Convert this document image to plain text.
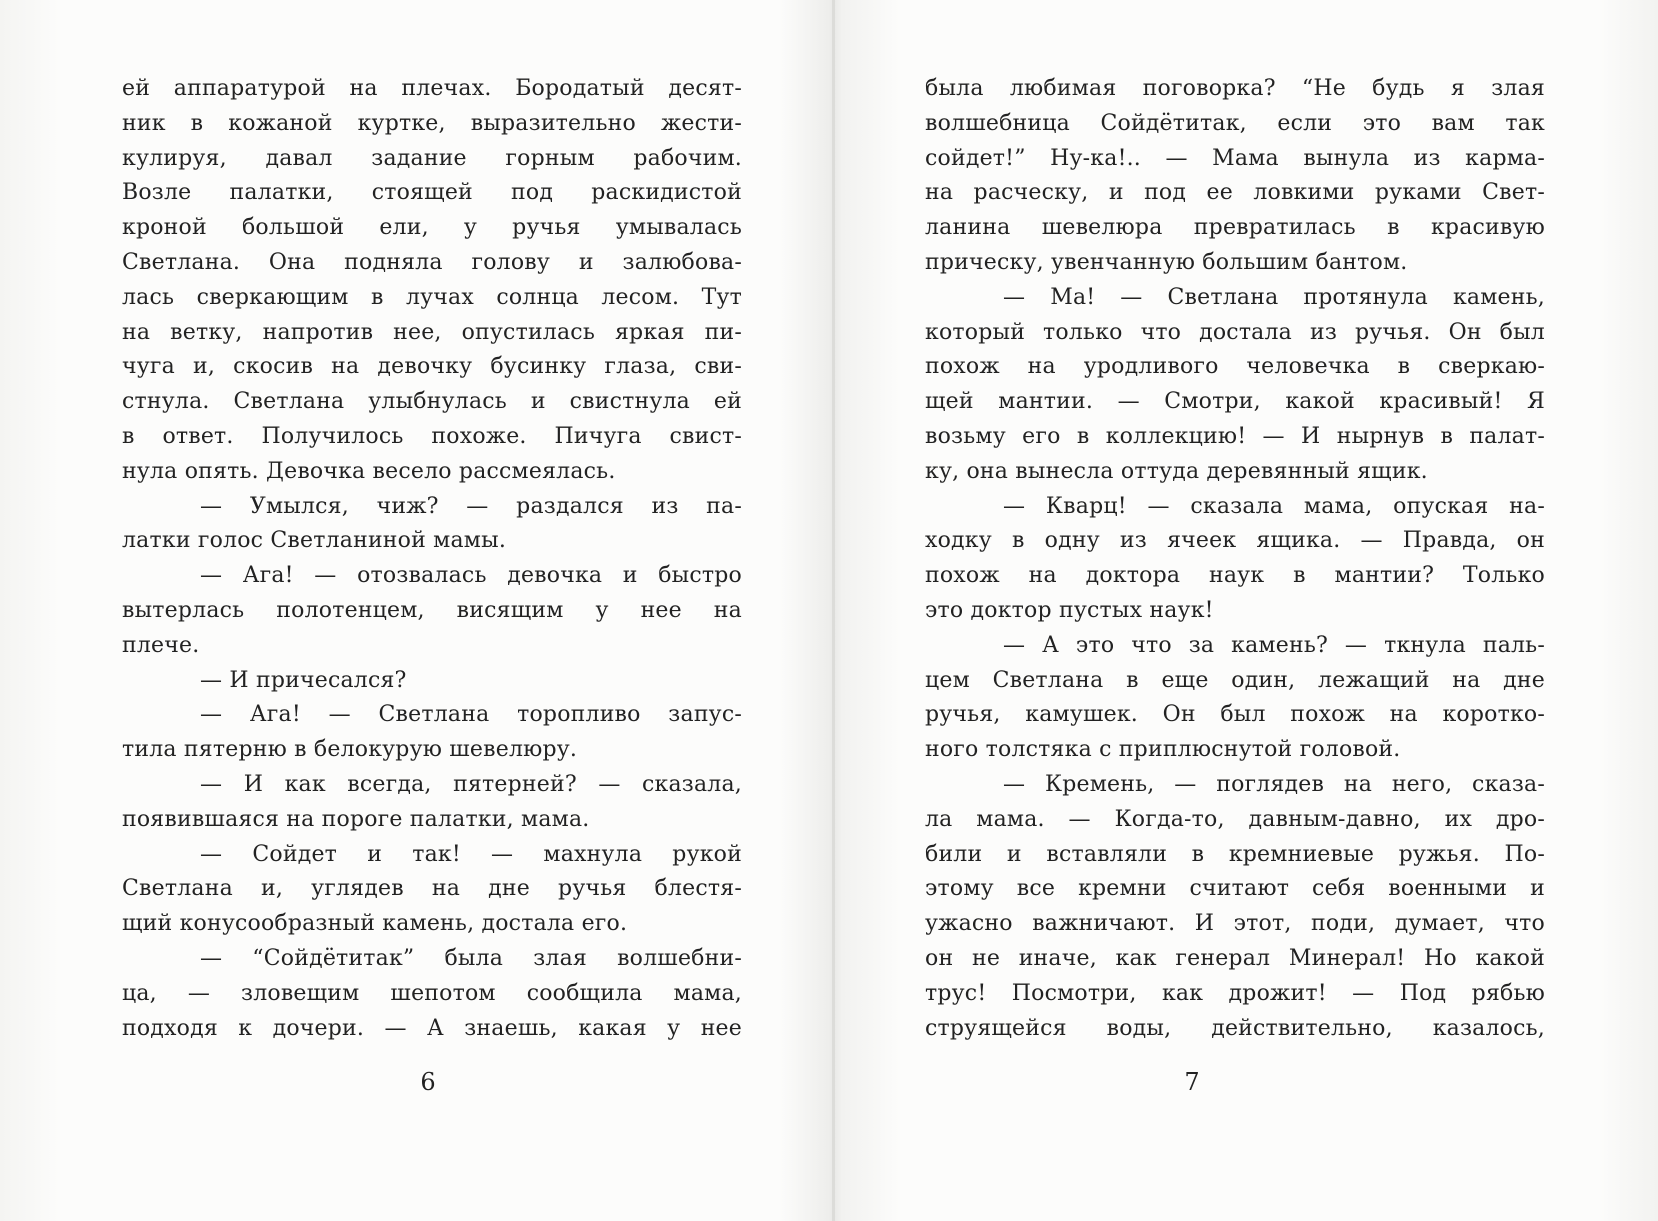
ей аппаратурой на плечах. Бородатый десят-
ник в кожаной куртке, выразительно жести-
кулируя, давал задание горным рабочим.
Возле палатки, стоящей под раскидистой
кроной большой ели, у ручья умывалась
Светлана. Она подняла голову и залюбова-
лась сверкающим в лучах солнца лесом. Тут
на ветку, напротив нее, опустилась яркая пи-
чуга и, скосив на девочку бусинку глаза, сви-
стнула. Светлана улыбнулась и свистнула ей
в ответ. Получилось похоже. Пичуга свист-
нула опять. Девочка весело рассмеялась.
— Умылся, чиж? — раздался из па-
латки голос Светланиной мамы.
— Ага! — отозвалась девочка и быстро
вытерлась полотенцем, висящим у нее на
плече.
— И причесался?
— Ага! — Светлана торопливо запус-
тила пятерню в белокурую шевелюру.
— И как всегда, пятерней? — сказала,
появившаяся на пороге палатки, мама.
— Сойдет и так! — махнула рукой
Светлана и, углядев на дне ручья блестя-
щий конусообразный камень, достала его.
— “Сойдётитак” была злая волшебни-
ца, — зловещим шепотом сообщила мама,
подходя к дочери. — А знаешь, какая у нее
6
была любимая поговорка? “Не будь я злая
волшебница Сойдётитак, если это вам так
сойдет!” Ну-ка!.. — Мама вынула из карма-
на расческу, и под ее ловкими руками Свет-
ланина шевелюра превратилась в красивую
прическу, увенчанную большим бантом.
— Ма! — Светлана протянула камень,
который только что достала из ручья. Он был
похож на уродливого человечка в сверкаю-
щей мантии. — Смотри, какой красивый! Я
возьму его в коллекцию! — И нырнув в палат-
ку, она вынесла оттуда деревянный ящик.
— Кварц! — сказала мама, опуская на-
ходку в одну из ячеек ящика. — Правда, он
похож на доктора наук в мантии? Только
это доктор пустых наук!
— А это что за камень? — ткнула паль-
цем Светлана в еще один, лежащий на дне
ручья, камушек. Он был похож на коротко-
ного толстяка с приплюснутой головой.
— Кремень, — поглядев на него, сказа-
ла мама. — Когда-то, давным-давно, их дро-
били и вставляли в кремниевые ружья. По-
этому все кремни считают себя военными и
ужасно важничают. И этот, поди, думает, что
он не иначе, как генерал Минерал! Но какой
трус! Посмотри, как дрожит! — Под рябью
струящейся воды, действительно, казалось,
7
